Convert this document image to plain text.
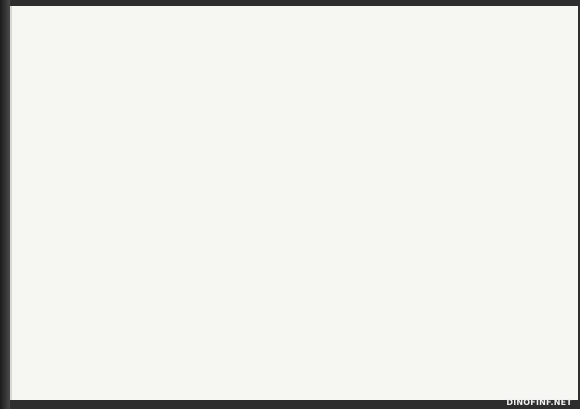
DINOFINF.NET
